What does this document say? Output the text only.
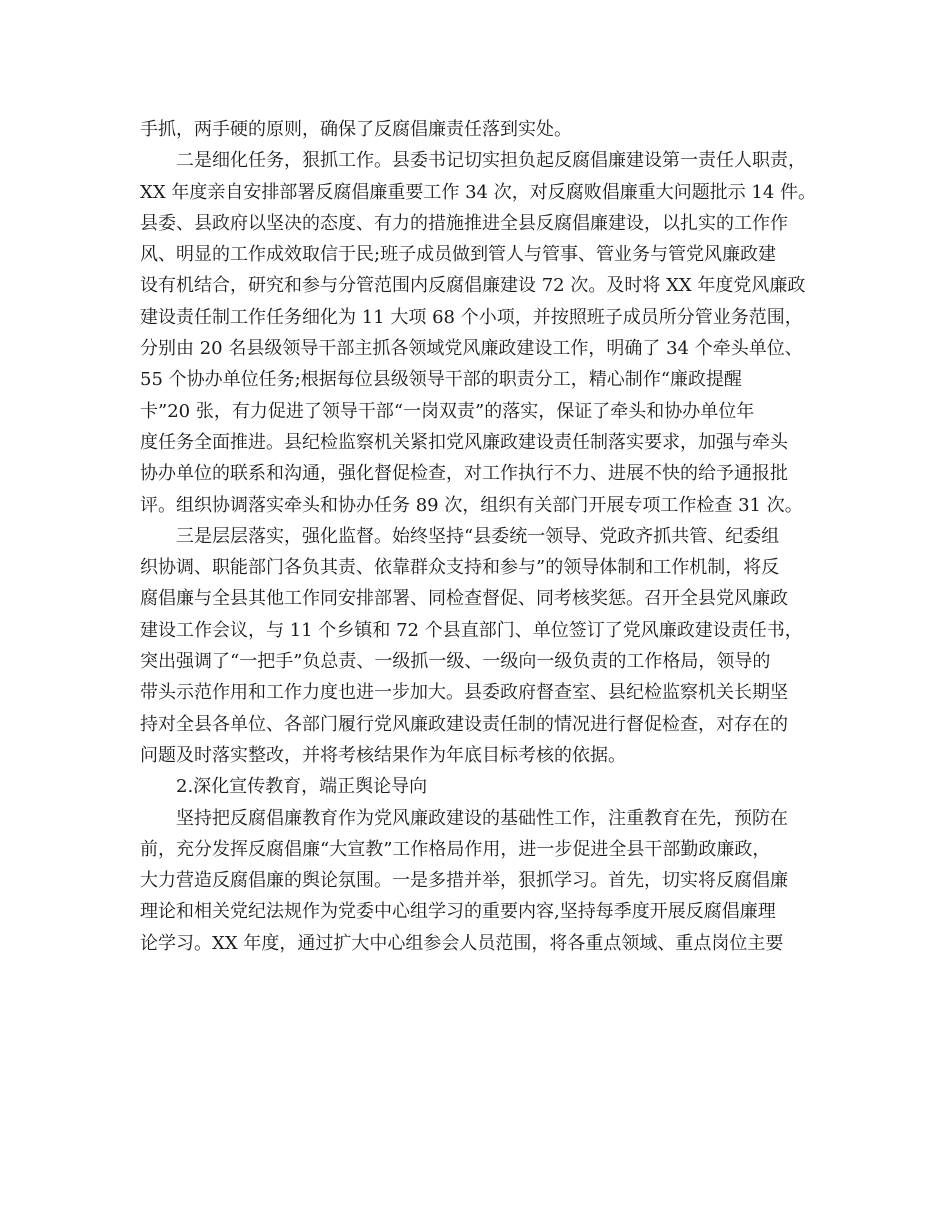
手抓，两手硬的原则，确保了反腐倡廉责任落到实处。
二是细化任务，狠抓工作。县委书记切实担负起反腐倡廉建设第一责任人职责，
XX 年度亲自安排部署反腐倡廉重要工作 34 次，对反腐败倡廉重大问题批示 14 件。
县委、县政府以坚决的态度、有力的措施推进全县反腐倡廉建设，以扎实的工作作
风、明显的工作成效取信于民;班子成员做到管人与管事、管业务与管党风廉政建
设有机结合，研究和参与分管范围内反腐倡廉建设 72 次。及时将 XX 年度党风廉政
建设责任制工作任务细化为 11 大项 68 个小项，并按照班子成员所分管业务范围，
分别由 20 名县级领导干部主抓各领域党风廉政建设工作，明确了 34 个牵头单位、
55 个协办单位任务;根据每位县级领导干部的职责分工，精心制作“廉政提醒
卡”20 张，有力促进了领导干部“一岗双责”的落实，保证了牵头和协办单位年
度任务全面推进。县纪检监察机关紧扣党风廉政建设责任制落实要求，加强与牵头
协办单位的联系和沟通，强化督促检查，对工作执行不力、进展不快的给予通报批
评。组织协调落实牵头和协办任务 89 次，组织有关部门开展专项工作检查 31 次。
三是层层落实，强化监督。始终坚持“县委统一领导、党政齐抓共管、纪委组
织协调、职能部门各负其责、依靠群众支持和参与”的领导体制和工作机制，将反
腐倡廉与全县其他工作同安排部署、同检查督促、同考核奖惩。召开全县党风廉政
建设工作会议，与 11 个乡镇和 72 个县直部门、单位签订了党风廉政建设责任书，
突出强调了“一把手”负总责、一级抓一级、一级向一级负责的工作格局，领导的
带头示范作用和工作力度也进一步加大。县委政府督查室、县纪检监察机关长期坚
持对全县各单位、各部门履行党风廉政建设责任制的情况进行督促检查，对存在的
问题及时落实整改，并将考核结果作为年底目标考核的依据。
2.深化宣传教育，端正舆论导向
坚持把反腐倡廉教育作为党风廉政建设的基础性工作，注重教育在先，预防在
前，充分发挥反腐倡廉“大宣教”工作格局作用，进一步促进全县干部勤政廉政，
大力营造反腐倡廉的舆论氛围。一是多措并举，狠抓学习。首先，切实将反腐倡廉
理论和相关党纪法规作为党委中心组学习的重要内容,坚持每季度开展反腐倡廉理
论学习。XX 年度，通过扩大中心组参会人员范围，将各重点领域、重点岗位主要
